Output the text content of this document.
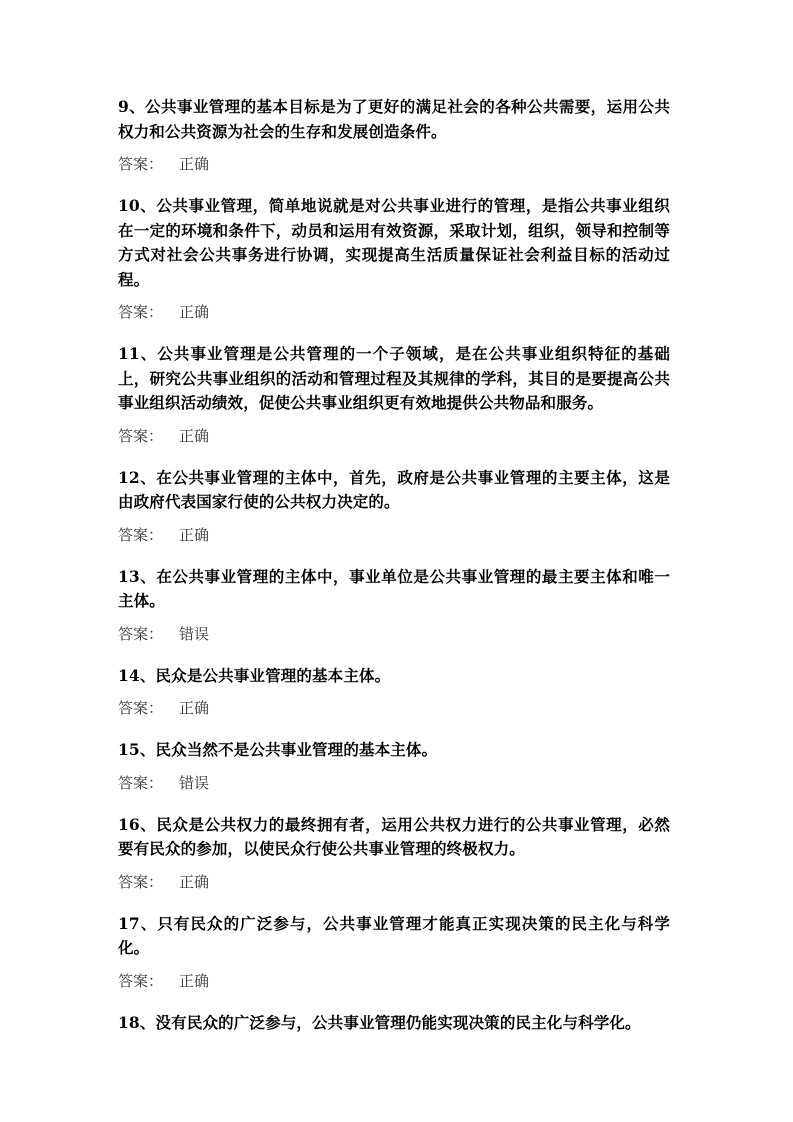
9、公共事业管理的基本目标是为了更好的满足社会的各种公共需要，运用公共权力和公共资源为社会的生存和发展创造条件。

答案： 正确

10、公共事业管理，简单地说就是对公共事业进行的管理，是指公共事业组织在一定的环境和条件下，动员和运用有效资源，采取计划，组织，领导和控制等方式对社会公共事务进行协调，实现提高生活质量保证社会利益目标的活动过程。

答案： 正确

11、公共事业管理是公共管理的一个子领域，是在公共事业组织特征的基础上，研究公共事业组织的活动和管理过程及其规律的学科，其目的是要提高公共事业组织活动绩效，促使公共事业组织更有效地提供公共物品和服务。

答案： 正确

12、在公共事业管理的主体中，首先，政府是公共事业管理的主要主体，这是由政府代表国家行使的公共权力决定的。

答案： 正确

13、在公共事业管理的主体中，事业单位是公共事业管理的最主要主体和唯一主体。

答案： 错误

14、民众是公共事业管理的基本主体。

答案： 正确

15、民众当然不是公共事业管理的基本主体。

答案： 错误

16、民众是公共权力的最终拥有者，运用公共权力进行的公共事业管理，必然要有民众的参加，以使民众行使公共事业管理的终极权力。

答案： 正确

17、只有民众的广泛参与，公共事业管理才能真正实现决策的民主化与科学化。

答案： 正确

18、没有民众的广泛参与，公共事业管理仍能实现决策的民主化与科学化。
